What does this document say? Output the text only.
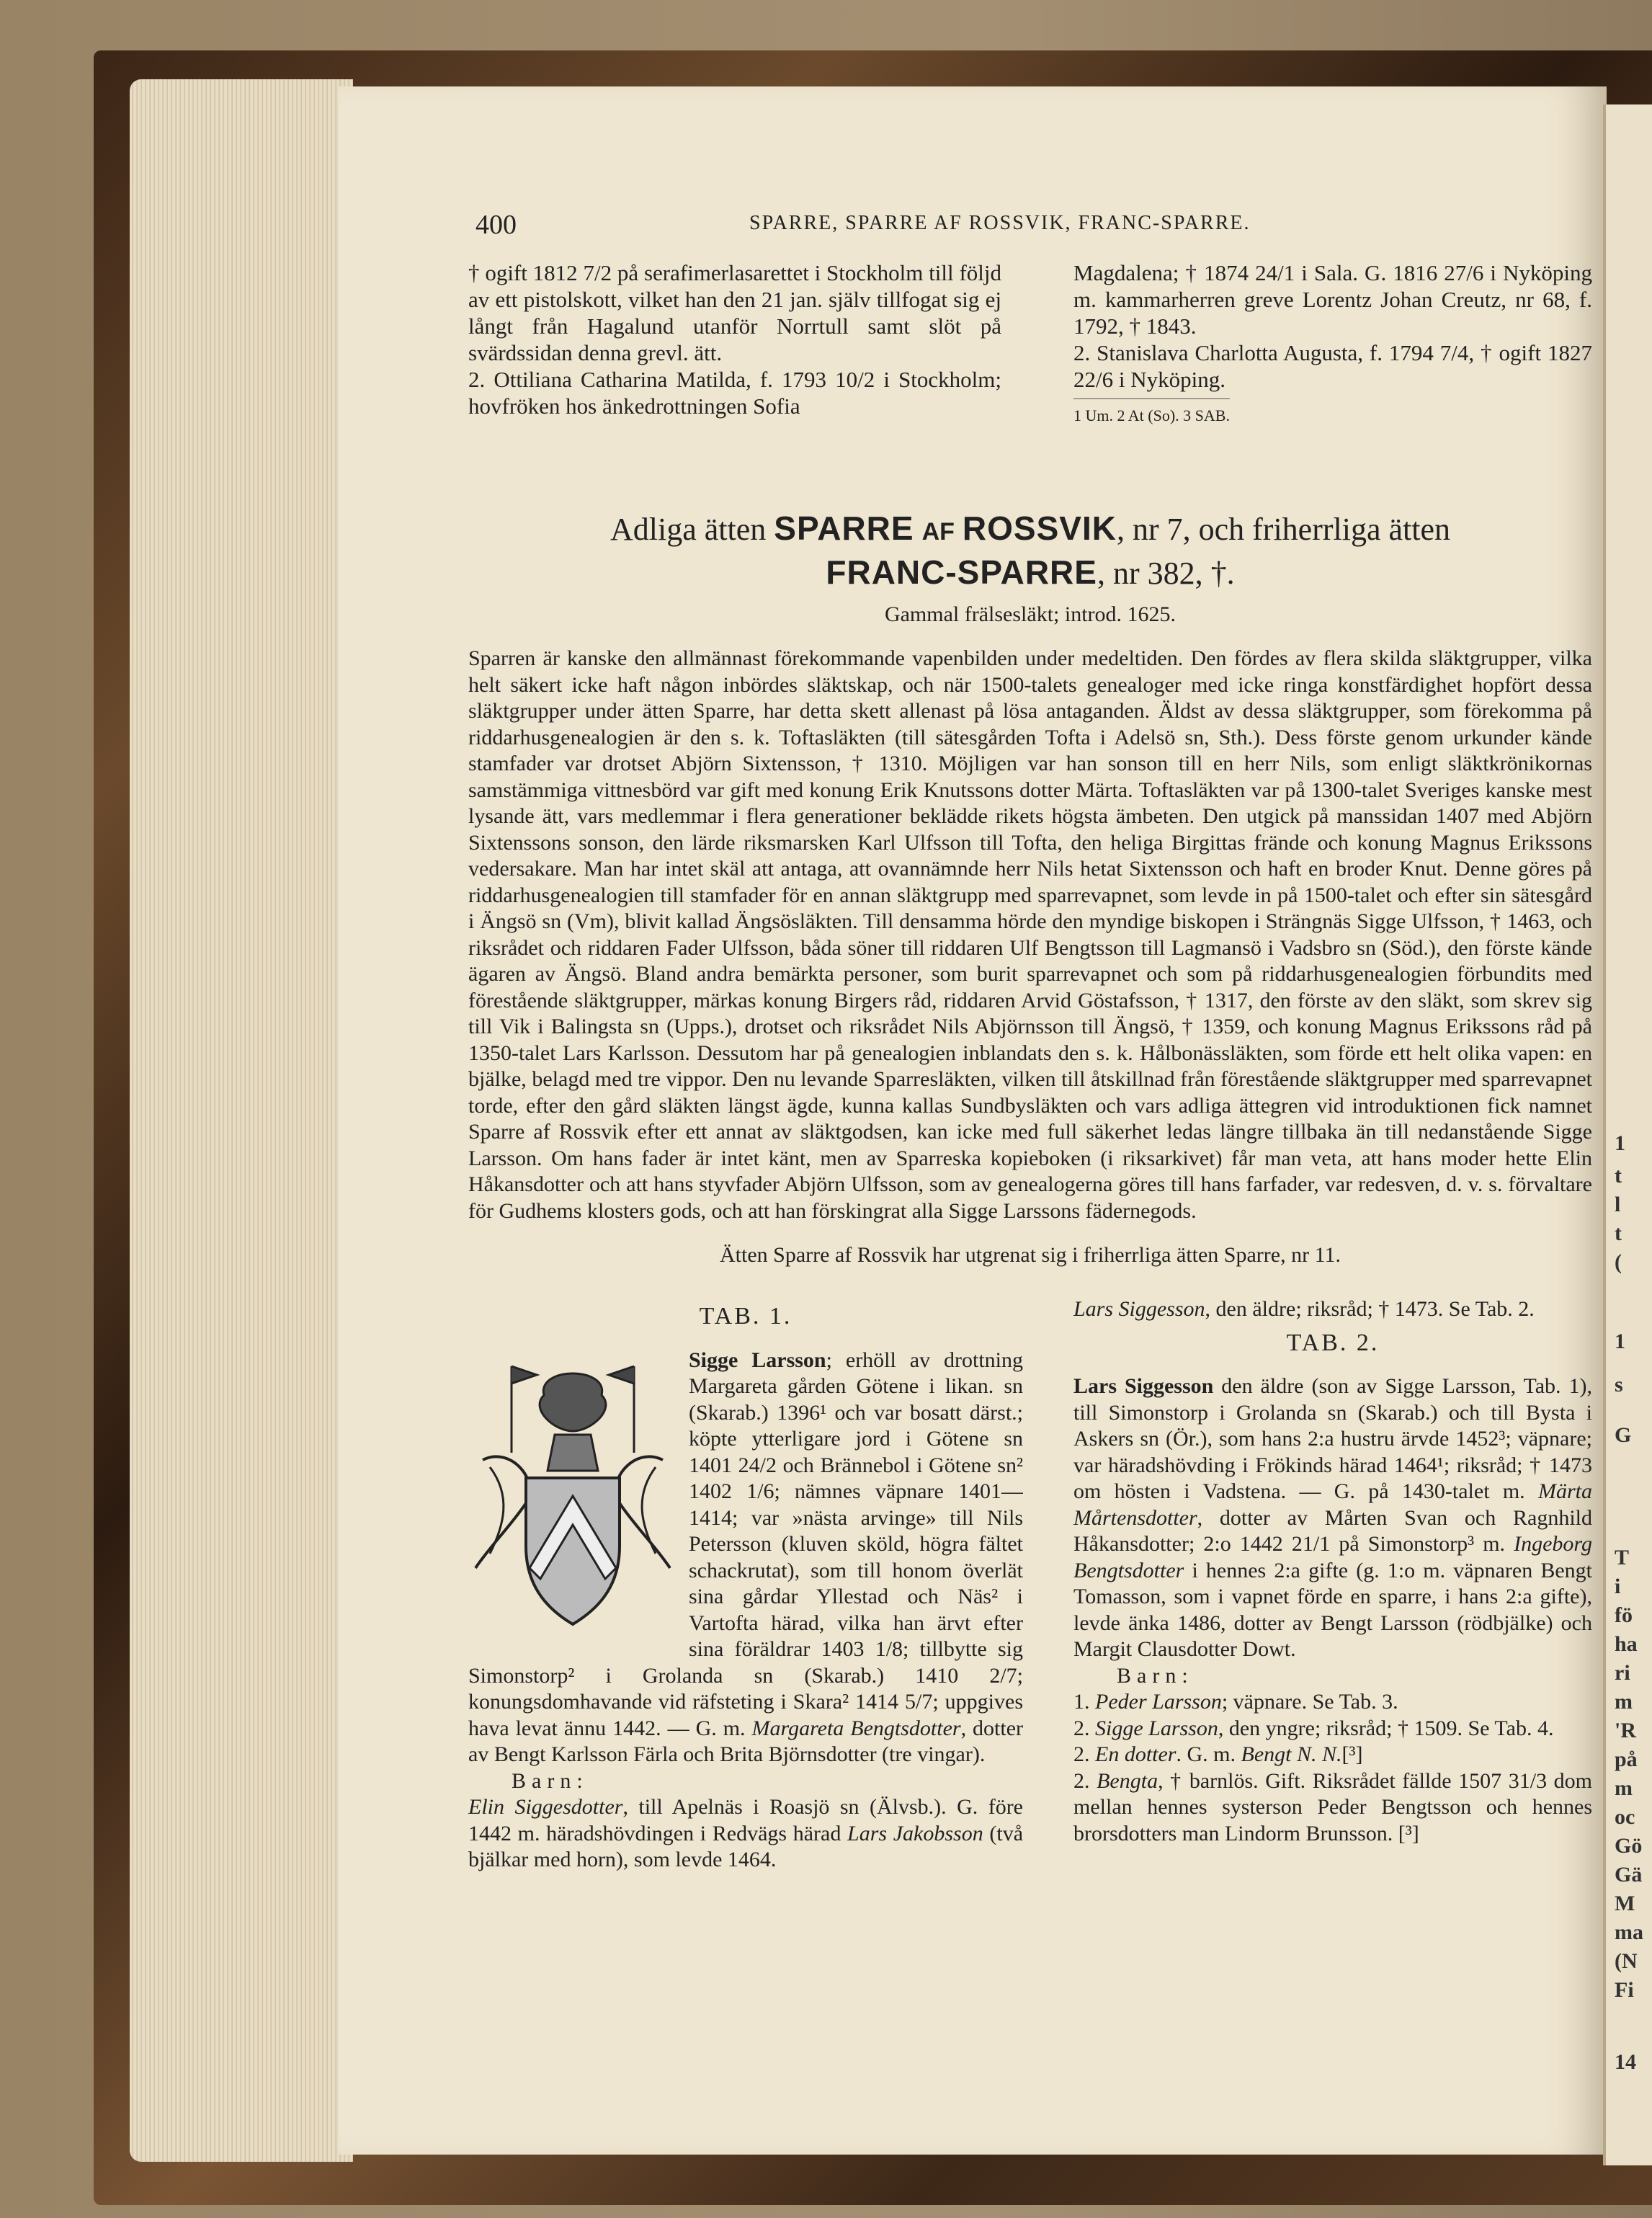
1
t
l
t
(
1
s
G
T
i
fö
ha
ri
m
'R
på
m
oc
Gö
Gä
M
ma
(N
Fi
14
400	SPARRE, SPARRE AF ROSSVIK, FRANC-SPARRE.

† ogift 1812 7/2 på serafimerlasarettet i Stockholm till följd av ett pistolskott, vilket han den 21 jan. själv tillfogat sig ej långt från Hagalund utanför Norrtull samt slöt på svärdssidan denna grevl. ätt.

2. Ottiliana Catharina Matilda, f. 1793 10/2 i Stockholm; hovfröken hos änkedrottningen Sofia

Magdalena; † 1874 24/1 i Sala. G. 1816 27/6 i Nyköping m. kammarherren greve Lorentz Johan Creutz, nr 68, f. 1792, † 1843.

2. Stanislava Charlotta Augusta, f. 1794 7/4, † ogift 1827 22/6 i Nyköping.

1 Um. 2 At (So). 3 SAB.
Adliga ätten SPARRE AF ROSSVIK, nr 7, och friherrliga ätten
FRANC-SPARRE, nr 382, †.
Gammal frälsesläkt; introd. 1625.

Sparren är kanske den allmännast förekommande vapenbilden under medeltiden. Den fördes av flera skilda släktgrupper, vilka helt säkert icke haft någon inbördes släktskap, och när 1500-talets genealoger med icke ringa konstfärdighet hopfört dessa släktgrupper under ätten Sparre, har detta skett allenast på lösa antaganden. Äldst av dessa släktgrupper, som förekomma på riddarhusgenealogien är den s. k. Toftasläkten (till sätesgården Tofta i Adelsö sn, Sth.). Dess förste genom urkunder kände stamfader var drotset Abjörn Sixtensson, † 1310. Möjligen var han sonson till en herr Nils, som enligt släktkrönikornas samstämmiga vittnesbörd var gift med konung Erik Knutssons dotter Märta. Toftasläkten var på 1300-talet Sveriges kanske mest lysande ätt, vars medlemmar i flera generationer beklädde rikets högsta ämbeten. Den utgick på manssidan 1407 med Abjörn Sixtenssons sonson, den lärde riksmarsken Karl Ulfsson till Tofta, den heliga Birgittas frände och konung Magnus Erikssons vedersakare. Man har intet skäl att antaga, att ovannämnde herr Nils hetat Sixtensson och haft en broder Knut. Denne göres på riddarhusgenealogien till stamfader för en annan släktgrupp med sparrevapnet, som levde in på 1500-talet och efter sin sätesgård i Ängsö sn (Vm), blivit kallad Ängsösläkten. Till densamma hörde den myndige biskopen i Strängnäs Sigge Ulfsson, † 1463, och riksrådet och riddaren Fader Ulfsson, båda söner till riddaren Ulf Bengtsson till Lagmansö i Vadsbro sn (Söd.), den förste kände ägaren av Ängsö. Bland andra bemärkta personer, som burit sparrevapnet och som på riddarhusgenealogien förbundits med förestående släktgrupper, märkas konung Birgers råd, riddaren Arvid Göstafsson, † 1317, den förste av den släkt, som skrev sig till Vik i Balingsta sn (Upps.), drotset och riksrådet Nils Abjörnsson till Ängsö, † 1359, och konung Magnus Erikssons råd på 1350-talet Lars Karlsson. Dessutom har på genealogien inblandats den s. k. Hålbonässläkten, som förde ett helt olika vapen: en bjälke, belagd med tre vippor. Den nu levande Sparresläkten, vilken till åtskillnad från förestående släktgrupper med sparrevapnet torde, efter den gård släkten längst ägde, kunna kallas Sundbysläkten och vars adliga ättegren vid introduktionen fick namnet Sparre af Rossvik efter ett annat av släktgodsen, kan icke med full säkerhet ledas längre tillbaka än till nedanstående Sigge Larsson. Om hans fader är intet känt, men av Sparreska kopieboken (i riksarkivet) får man veta, att hans moder hette Elin Håkansdotter och att hans styvfader Abjörn Ulfsson, som av genealogerna göres till hans farfader, var redesven, d. v. s. förvaltare för Gudhems klosters gods, och att han förskingrat alla Sigge Larssons fädernegods.

Ätten Sparre af Rossvik har utgrenat sig i friherrliga ätten Sparre, nr 11.
TAB. 1.

Sigge Larsson; erhöll av drottning Margareta gården Götene i likan. sn (Skarab.) 1396¹ och var bosatt därst.; köpte ytterligare jord i Götene sn 1401 24/2 och Brännebol i Götene sn² 1402 1/6; nämnes väpnare 1401—1414; var »nästa arvinge» till Nils Petersson (kluven sköld, högra fältet schackrutat), som till honom överlät sina gårdar Yllestad och Näs² i Vartofta härad, vilka han ärvt efter sina föräldrar 1403 1/8; tillbytte sig Simonstorp² i Grolanda sn (Skarab.) 1410 2/7; konungsdomhavande vid räfsteting i Skara² 1414 5/7; uppgives hava levat ännu 1442. — G. m. Margareta Bengtsdotter, dotter av Bengt Karlsson Färla och Brita Björnsdotter (tre vingar).

Barn:

Elin Siggesdotter, till Apelnäs i Roasjö sn (Älvsb.). G. före 1442 m. häradshövdingen i Redvägs härad Lars Jakobsson (två bjälkar med horn), som levde 1464.

Lars Siggesson, den äldre; riksråd; † 1473. Se Tab. 2.

TAB. 2.

Lars Siggesson den äldre (son av Sigge Larsson, Tab. 1), till Simonstorp i Grolanda sn (Skarab.) och till Bysta i Askers sn (Ör.), som hans 2:a hustru ärvde 1452³; väpnare; var häradshövding i Frökinds härad 1464¹; riksråd; † 1473 om hösten i Vadstena. — G. på 1430-talet m. Märta Mårtensdotter, dotter av Mårten Svan och Ragnhild Håkansdotter; 2:o 1442 21/1 på Simonstorp³ m. Ingeborg Bengtsdotter i hennes 2:a gifte (g. 1:o m. väpnaren Bengt Tomasson, som i vapnet förde en sparre, i hans 2:a gifte), levde änka 1486, dotter av Bengt Larsson (rödbjälke) och Margit Clausdotter Dowt.

Barn:

1. Peder Larsson; väpnare. Se Tab. 3.

2. Sigge Larsson, den yngre; riksråd; † 1509. Se Tab. 4.

2. En dotter. G. m. Bengt N. N.[³]

2. Bengta, † barnlös. Gift. Riksrådet fällde 1507 31/3 dom mellan hennes systerson Peder Bengtsson och hennes brorsdotters man Lindorm Brunsson. [³]
